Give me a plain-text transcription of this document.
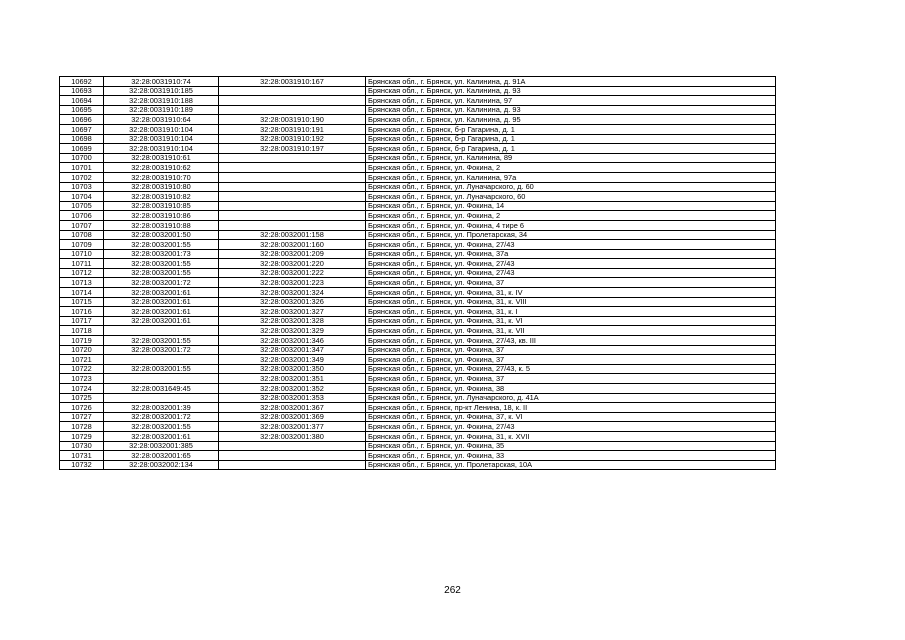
10692	32:28:0031910:74	32:28:0031910:167	Брянская обл., г. Брянск, ул. Калинина, д. 91А
10693	32:28:0031910:185		Брянская обл., г. Брянск, ул. Калинина, д. 93
10694	32:28:0031910:188		Брянская обл., г. Брянск, ул. Калинина, 97
10695	32:28:0031910:189		Брянская обл., г. Брянск, ул. Калинина, д. 93
10696	32:28:0031910:64	32:28:0031910:190	Брянская обл., г. Брянск, ул. Калинина, д. 95
10697	32:28:0031910:104	32:28:0031910:191	Брянская обл., г. Брянск, б-р Гагарина, д. 1
10698	32:28:0031910:104	32:28:0031910:192	Брянская обл., г. Брянск, б-р Гагарина, д. 1
10699	32:28:0031910:104	32:28:0031910:197	Брянская обл., г. Брянск, б-р Гагарина, д. 1
10700	32:28:0031910:61		Брянская обл., г. Брянск, ул. Калинина, 89
10701	32:28:0031910:62		Брянская обл., г. Брянск, ул. Фокина, 2
10702	32:28:0031910:70		Брянская обл., г. Брянск, ул. Калинина, 97а
10703	32:28:0031910:80		Брянская обл., г. Брянск, ул. Луначарского, д. 60
10704	32:28:0031910:82		Брянская обл., г. Брянск, ул. Луначарского, 60
10705	32:28:0031910:85		Брянская обл., г. Брянск, ул. Фокина, 14
10706	32:28:0031910:86		Брянская обл., г. Брянск, ул. Фокина, 2
10707	32:28:0031910:88		Брянская обл., г. Брянск, ул. Фокина, 4 тире 6
10708	32:28:0032001:50	32:28:0032001:158	Брянская обл., г. Брянск, ул. Пролетарская, 34
10709	32:28:0032001:55	32:28:0032001:160	Брянская обл., г. Брянск, ул. Фокина, 27/43
10710	32:28:0032001:73	32:28:0032001:209	Брянская обл., г. Брянск, ул. Фокина, 37а
10711	32:28:0032001:55	32:28:0032001:220	Брянская обл., г. Брянск, ул. Фокина, 27/43
10712	32:28:0032001:55	32:28:0032001:222	Брянская обл., г. Брянск, ул. Фокина, 27/43
10713	32:28:0032001:72	32:28:0032001:223	Брянская обл., г. Брянск, ул. Фокина, 37
10714	32:28:0032001:61	32:28:0032001:324	Брянская обл., г. Брянск, ул. Фокина, 31, к. IV
10715	32:28:0032001:61	32:28:0032001:326	Брянская обл., г. Брянск, ул. Фокина, 31, к. VIII
10716	32:28:0032001:61	32:28:0032001:327	Брянская обл., г. Брянск, ул. Фокина, 31, к. I
10717	32:28:0032001:61	32:28:0032001:328	Брянская обл., г. Брянск, ул. Фокина, 31, к. VI
10718		32:28:0032001:329	Брянская обл., г. Брянск, ул. Фокина, 31, к. VII
10719	32:28:0032001:55	32:28:0032001:346	Брянская обл., г. Брянск, ул. Фокина, 27/43, кв. III
10720	32:28:0032001:72	32:28:0032001:347	Брянская обл., г. Брянск, ул. Фокина, 37
10721		32:28:0032001:349	Брянская обл., г. Брянск, ул. Фокина, 37
10722	32:28:0032001:55	32:28:0032001:350	Брянская обл., г. Брянск, ул. Фокина, 27/43, к. 5
10723		32:28:0032001:351	Брянская обл., г. Брянск, ул. Фокина, 37
10724	32:28:0031649:45	32:28:0032001:352	Брянская обл., г. Брянск, ул. Фокина, 38
10725		32:28:0032001:353	Брянская обл., г. Брянск, ул. Луначарского, д. 41А
10726	32:28:0032001:39	32:28:0032001:367	Брянская обл., г. Брянск, пр-кт Ленина, 18, к. II
10727	32:28:0032001:72	32:28:0032001:369	Брянская обл., г. Брянск, ул. Фокина, 37, к. VI
10728	32:28:0032001:55	32:28:0032001:377	Брянская обл., г. Брянск, ул. Фокина, 27/43
10729	32:28:0032001:61	32:28:0032001:380	Брянская обл., г. Брянск, ул. Фокина, 31, к. XVII
10730	32:28:0032001:385		Брянская обл., г. Брянск, ул. Фокина, 35
10731	32:28:0032001:65		Брянская обл., г. Брянск, ул. Фокина, 33
10732	32:28:0032002:134		Брянская обл., г. Брянск, ул. Пролетарская, 10А
262
